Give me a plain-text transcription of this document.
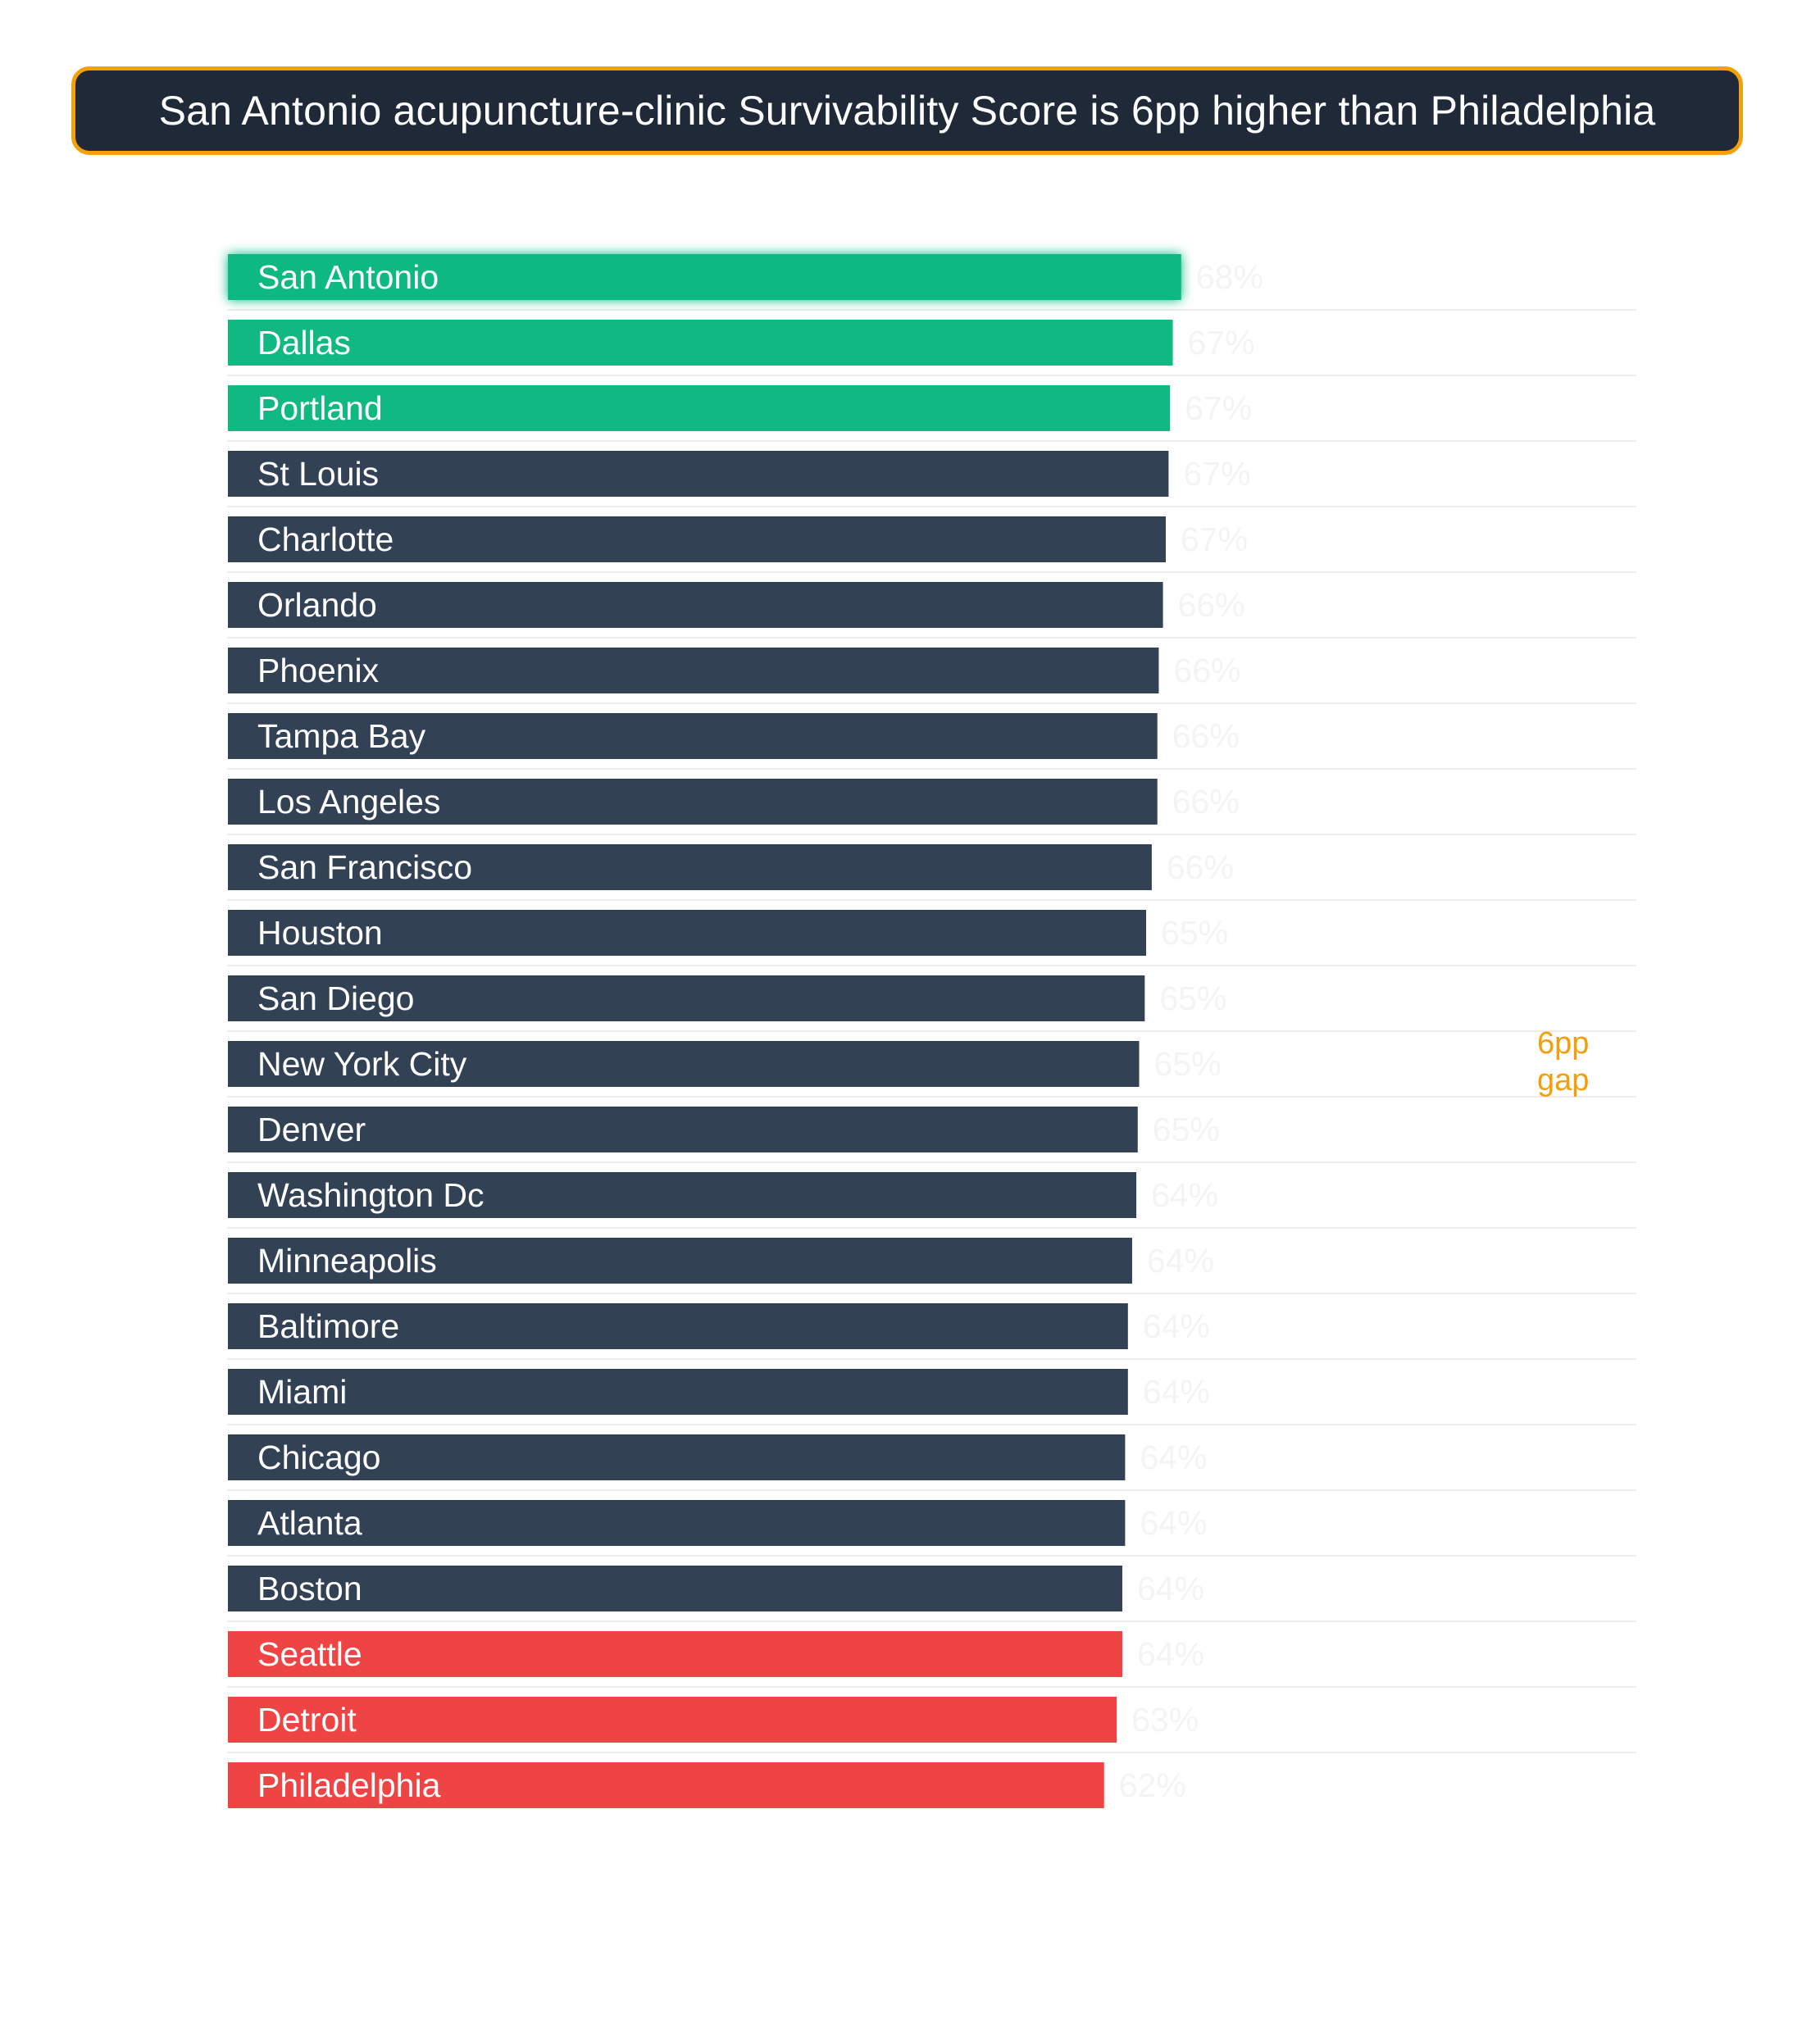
San Antonio acupuncture-clinic Survivability Score is 6pp higher than Philadelphia
San Antonio	68%
Dallas	67%
Portland	67%
St Louis	67%
Charlotte	67%
Orlando	66%
Phoenix	66%
Tampa Bay	66%
Los Angeles	66%
San Francisco	66%
Houston	65%
San Diego	65%
New York City	65%
Denver	65%
Washington Dc	64%
Minneapolis	64%
Baltimore	64%
Miami	64%
Chicago	64%
Atlanta	64%
Boston	64%
Seattle	64%
Detroit	63%
Philadelphia	62%
6pp
gap
